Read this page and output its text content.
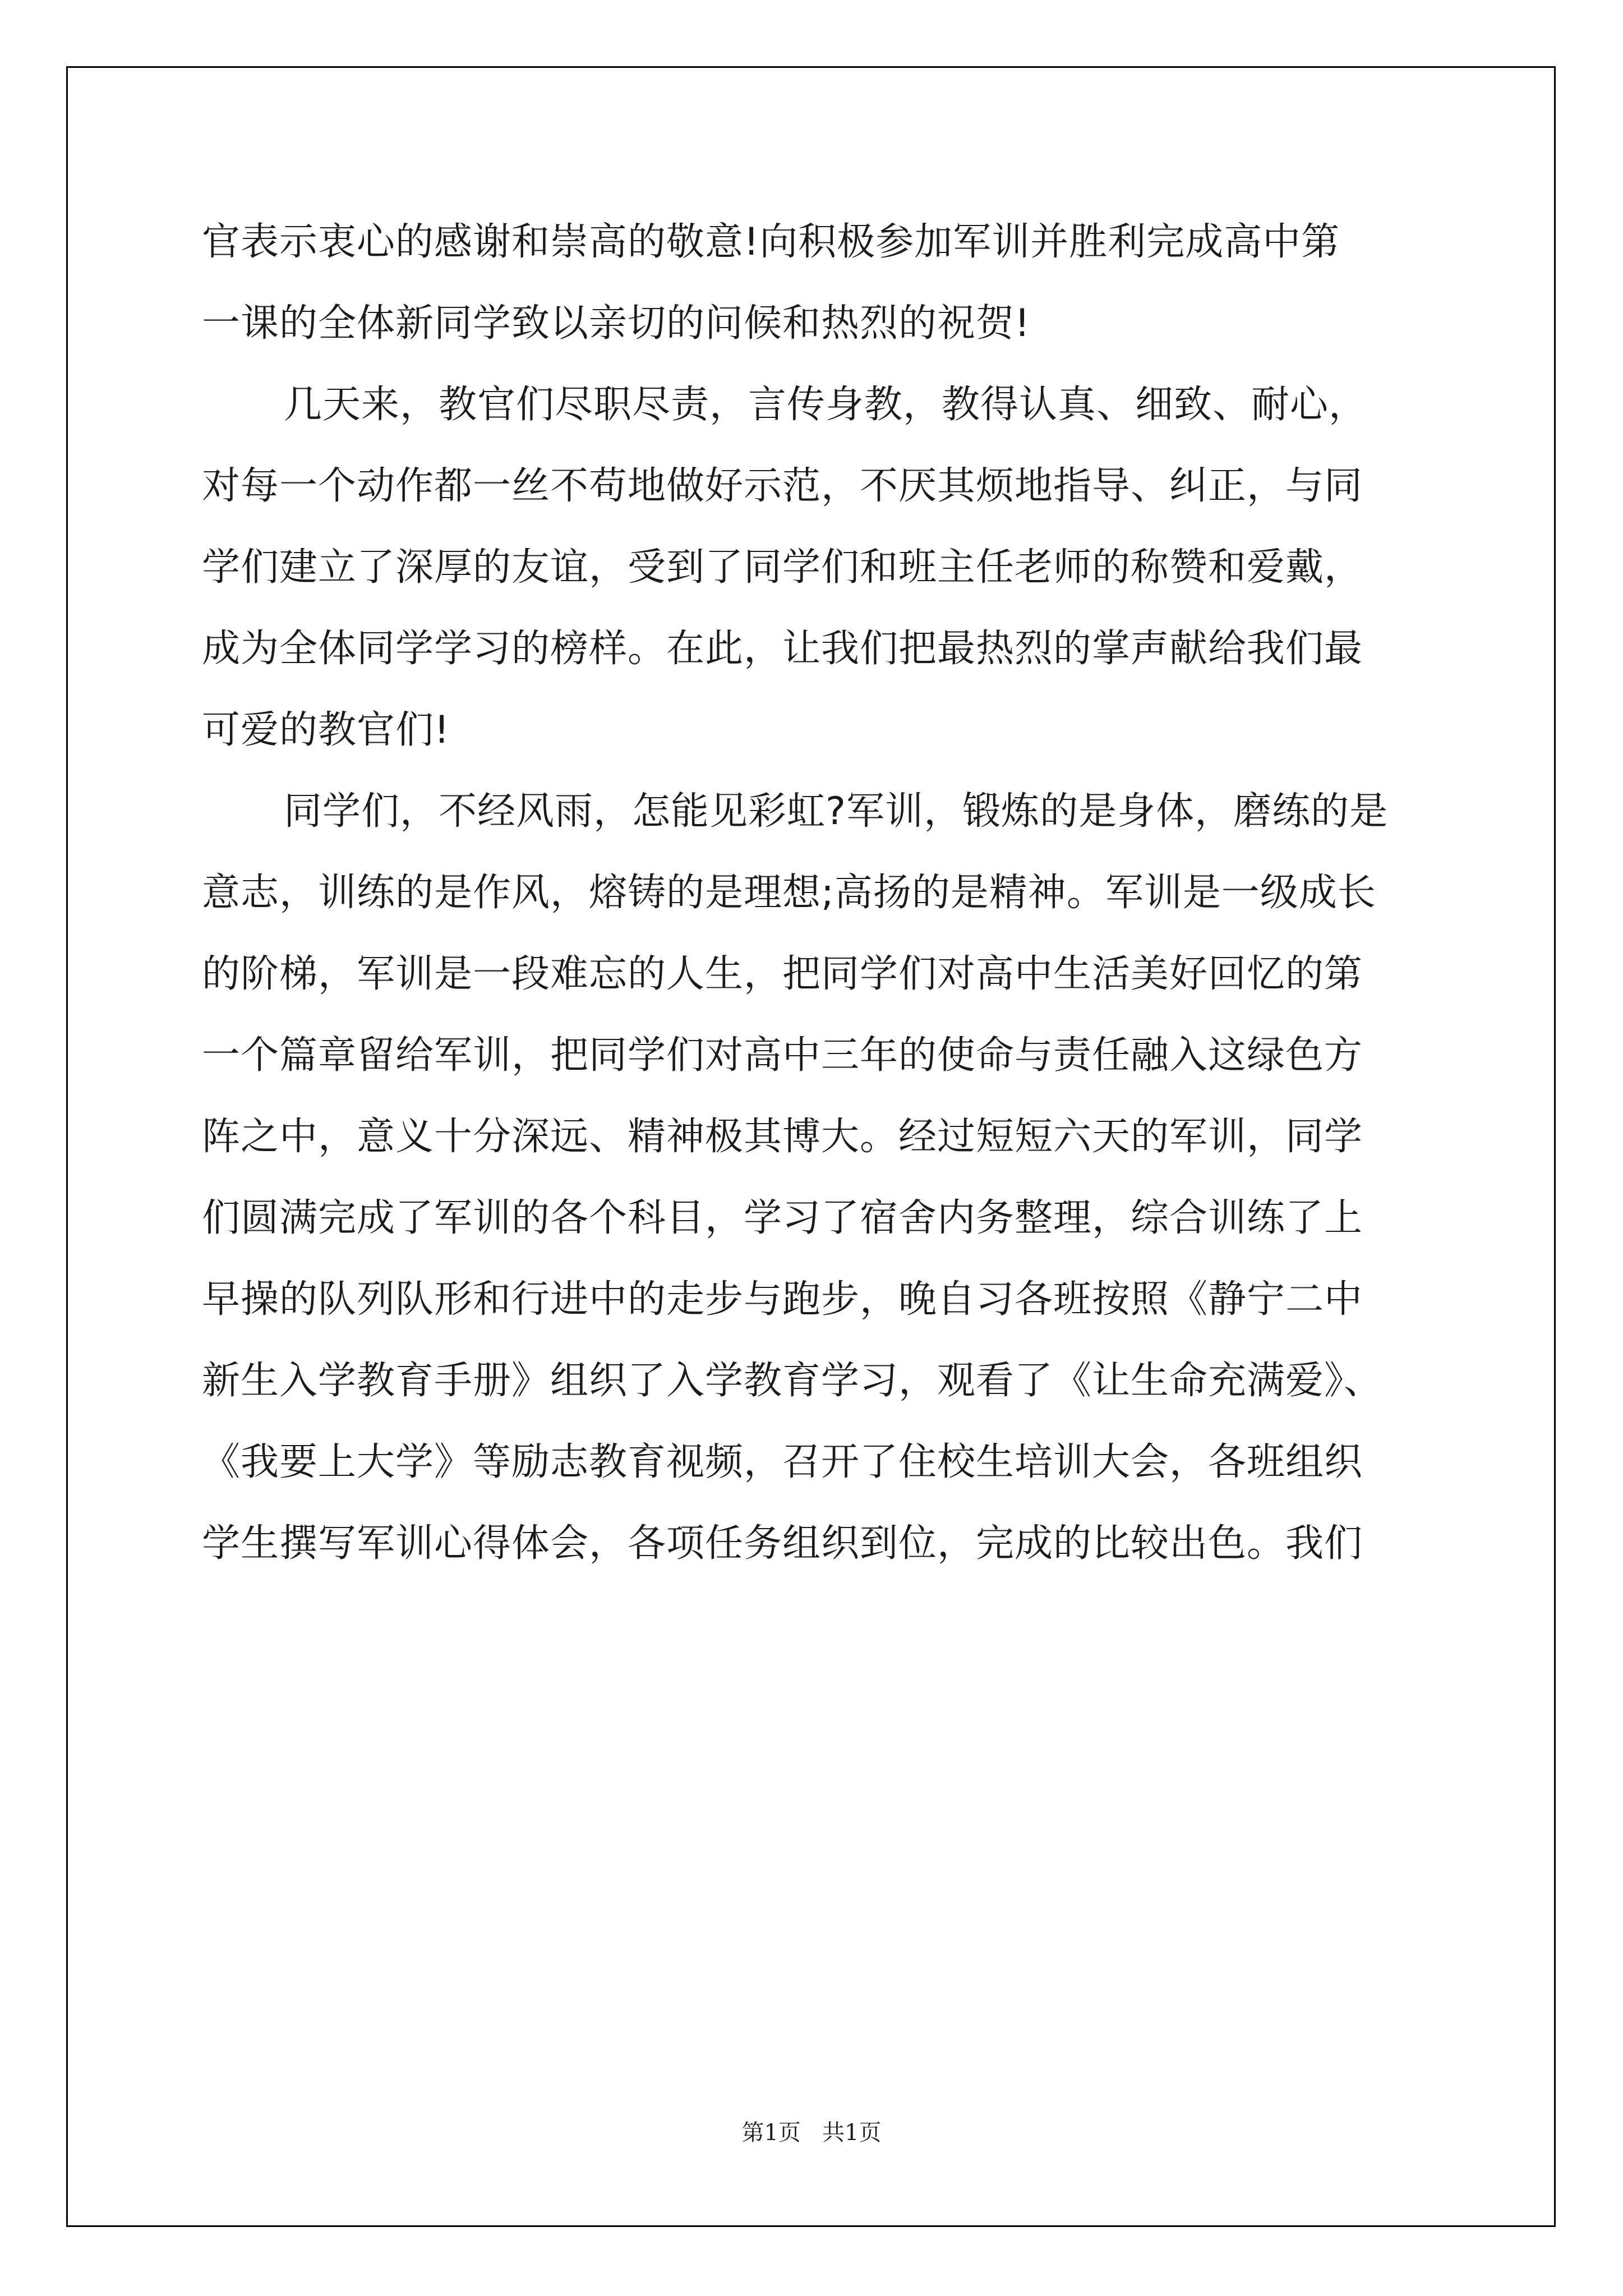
官表示衷心的感谢和崇高的敬意!向积极参加军训并胜利完成高中第
一课的全体新同学致以亲切的问候和热烈的祝贺!
几天来，教官们尽职尽责，言传身教，教得认真、细致、耐心，
对每一个动作都一丝不苟地做好示范，不厌其烦地指导、纠正，与同
学们建立了深厚的友谊，受到了同学们和班主任老师的称赞和爱戴，
成为全体同学学习的榜样。在此，让我们把最热烈的掌声献给我们最
可爱的教官们!
同学们，不经风雨，怎能见彩虹?军训，锻炼的是身体，磨练的是
意志，训练的是作风，熔铸的是理想;高扬的是精神。军训是一级成长
的阶梯，军训是一段难忘的人生，把同学们对高中生活美好回忆的第
一个篇章留给军训，把同学们对高中三年的使命与责任融入这绿色方
阵之中，意义十分深远、精神极其博大。经过短短六天的军训，同学
们圆满完成了军训的各个科目，学习了宿舍内务整理，综合训练了上
早操的队列队形和行进中的走步与跑步，晚自习各班按照《静宁二中
新生入学教育手册》组织了入学教育学习，观看了《让生命充满爱》、
《我要上大学》等励志教育视频，召开了住校生培训大会，各班组织
学生撰写军训心得体会，各项任务组织到位，完成的比较出色。我们
第1页   共1页
